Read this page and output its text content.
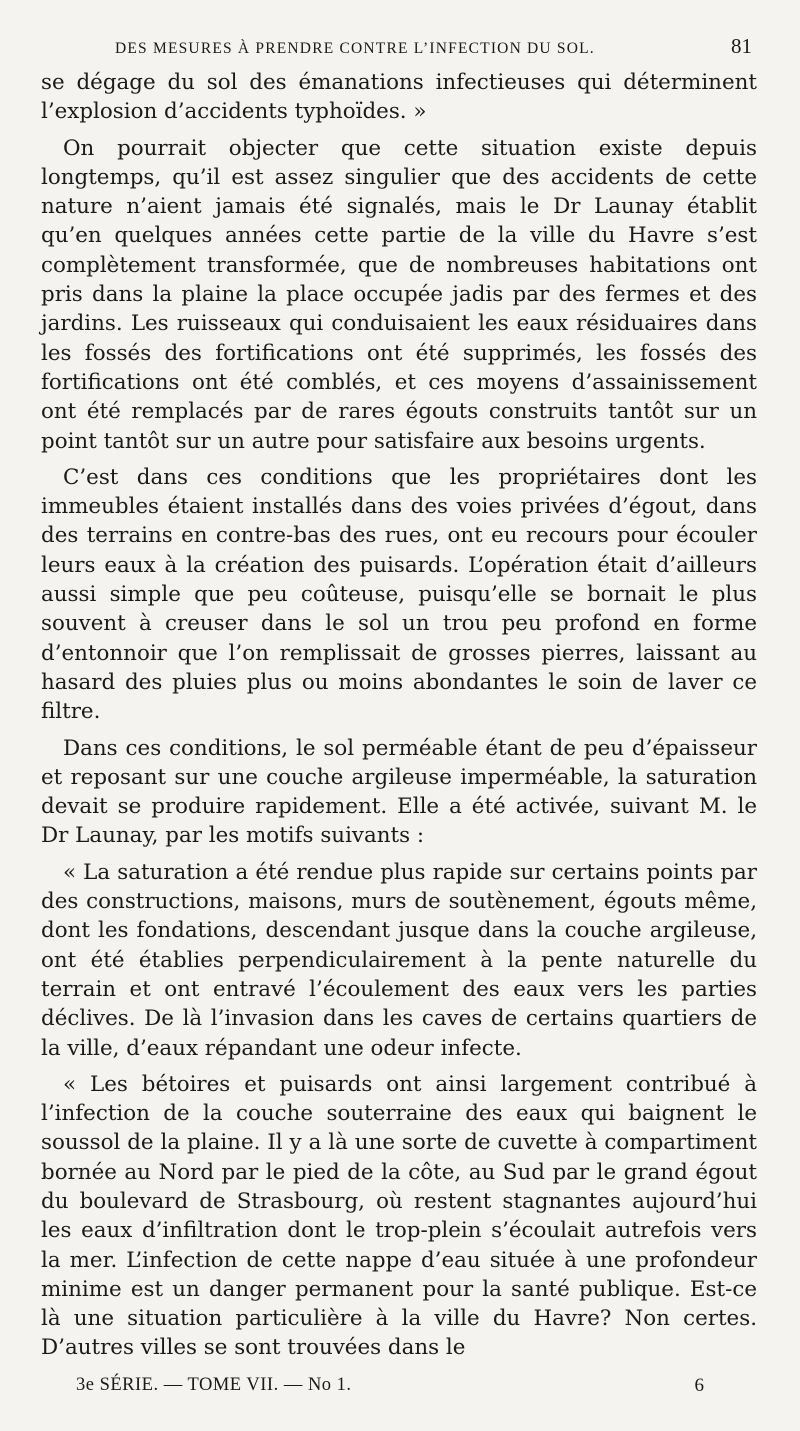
DES MESURES À PRENDRE CONTRE L’INFECTION DU SOL.	81

se dégage du sol des émanations infectieuses qui déterminent l’explosion d’accidents typhoïdes. »

On pourrait objecter que cette situation existe depuis longtemps, qu’il est assez singulier que des accidents de cette nature n’aient jamais été signalés, mais le Dr Launay établit qu’en quelques années cette partie de la ville du Havre s’est complètement transformée, que de nombreuses habitations ont pris dans la plaine la place occupée jadis par des fermes et des jardins. Les ruisseaux qui conduisaient les eaux résiduaires dans les fossés des fortifications ont été supprimés, les fossés des fortifications ont été comblés, et ces moyens d’assainissement ont été remplacés par de rares égouts construits tantôt sur un point tantôt sur un autre pour satisfaire aux besoins urgents.

C’est dans ces conditions que les propriétaires dont les immeubles étaient installés dans des voies privées d’égout, dans des terrains en contre-bas des rues, ont eu recours pour écouler leurs eaux à la création des puisards. L’opération était d’ailleurs aussi simple que peu coûteuse, puisqu’elle se bornait le plus souvent à creuser dans le sol un trou peu profond en forme d’entonnoir que l’on remplissait de grosses pierres, laissant au hasard des pluies plus ou moins abondantes le soin de laver ce filtre.

Dans ces conditions, le sol perméable étant de peu d’épaisseur et reposant sur une couche argileuse imperméable, la saturation devait se produire rapidement. Elle a été activée, suivant M. le Dr Launay, par les motifs suivants :

« La saturation a été rendue plus rapide sur certains points par des constructions, maisons, murs de soutènement, égouts même, dont les fondations, descendant jusque dans la couche argileuse, ont été établies perpendiculairement à la pente naturelle du terrain et ont entravé l’écoulement des eaux vers les parties déclives. De là l’invasion dans les caves de certains quartiers de la ville, d’eaux répandant une odeur infecte.

« Les bétoires et puisards ont ainsi largement contribué à l’infection de la couche souterraine des eaux qui baignent le soussol de la plaine. Il y a là une sorte de cuvette à compartiment bornée au Nord par le pied de la côte, au Sud par le grand égout du boulevard de Strasbourg, où restent stagnantes aujourd’hui les eaux d’infiltration dont le trop-plein s’écoulait autrefois vers la mer. L’infection de cette nappe d’eau située à une profondeur minime est un danger permanent pour la santé publique. Est-ce là une situation particulière à la ville du Havre? Non certes. D’autres villes se sont trouvées dans le

3e SÉRIE. — TOME VII. — No 1.	6
